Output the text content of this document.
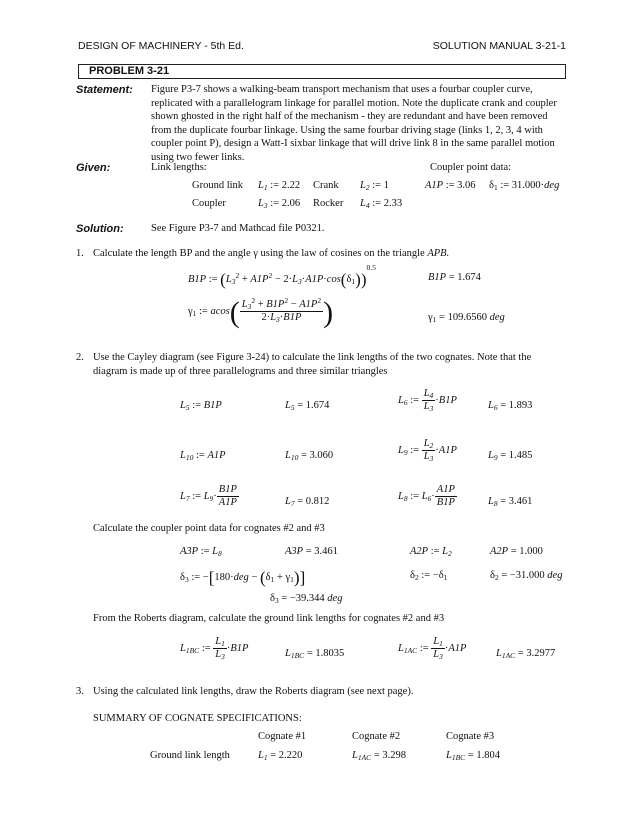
DESIGN OF MACHINERY - 5th Ed.	SOLUTION MANUAL 3-21-1
PROBLEM 3-21
Statement: Figure P3-7 shows a walking-beam transport mechanism that uses a fourbar coupler curve,
replicated with a parallelogram linkage for parallel motion. Note the duplicate crank and coupler
shown ghosted in the right half of the mechanism - they are redundant and have been removed
from the duplicate fourbar linkage. Using the same fourbar driving stage (links 1, 2, 3, 4 with
coupler point P), design a Watt-I sixbar linkage that will drive link 8 in the same parallel motion
using two fewer links.
Given:	Link lengths:	Coupler point data:
Ground link $L_1$ := 2.22 Crank $L_2$ := 1	A1P := 3.06 $\delta_1$ := 31.000·deg
Coupler	$L_3$ := 2.06 Rocker $L_4$ := 2.33
Solution:	See Figure P3-7 and Mathcad file P0321.
1. Calculate the length BP and the angle γ using the law of cosines on the triangle APB.
B1P := $(L_3^2 + A1P^2 - 2\cdot L_3\cdot A1P\cdot\cos(\delta_1))^{0.5}$
B1P = 1.674
$\gamma_1$ := $acos( \frac{L_3^2 + B1P^2 - A1P^2}{2\cdot L_3\cdot B1P}$ )	$\gamma_1 = 109.6560$ deg
2. Use the Cayley diagram (see Figure 3-24) to calculate the link lengths of the two cognates. Note that the
diagram is made up of three parallelograms and three similar triangles
$L_5$ := B1P	$L_5 = 1.674$	$L_6$ := $\frac{L_4}{L_3} \cdot B1P$	$L_6 = 1.893$
$L_{10}$ := A1P	$L_{10} = 3.060$	$L_9$ := $\frac{L_2}{L_3} \cdot A1P$	$L_9 = 1.485$
$L_7$ := $L_9\cdot \frac{B1P}{A1P}$	$L_7 = 0.812$	$L_8$ := $L_6\cdot \frac{A1P}{B1P}$	$L_8 = 3.461$
Calculate the coupler point data for cognates #2 and #3
A3P := $L_8$	A3P = 3.461	A2P := $L_2$	A2P = 1.000
$\delta_3$ := $-[180\cdot deg - (\delta_1 + \gamma_1)]$	$\delta_2$ := $-\delta_1$	$\delta_2 = -31.000$ deg
$\delta_3 = -39.344$ deg
From the Roberts diagram, calculate the ground link lengths for cognates #2 and #3
$L_{1BC}$ := $\frac{L_1}{L_3} \cdot B1P$	$L_{1BC} = 1.8035$	$L_{1AC}$ := $\frac{L_1}{L_3} \cdot A1P$	$L_{1AC} = 3.2977$
3. Using the calculated link lengths, draw the Roberts diagram (see next page).
SUMMARY OF COGNATE SPECIFICATIONS:
Cognate #1	Cognate #2	Cognate #3
Ground link length	$L_1 = 2.220$	$L_{1AC} = 3.298$	$L_{1BC} = 1.804$
